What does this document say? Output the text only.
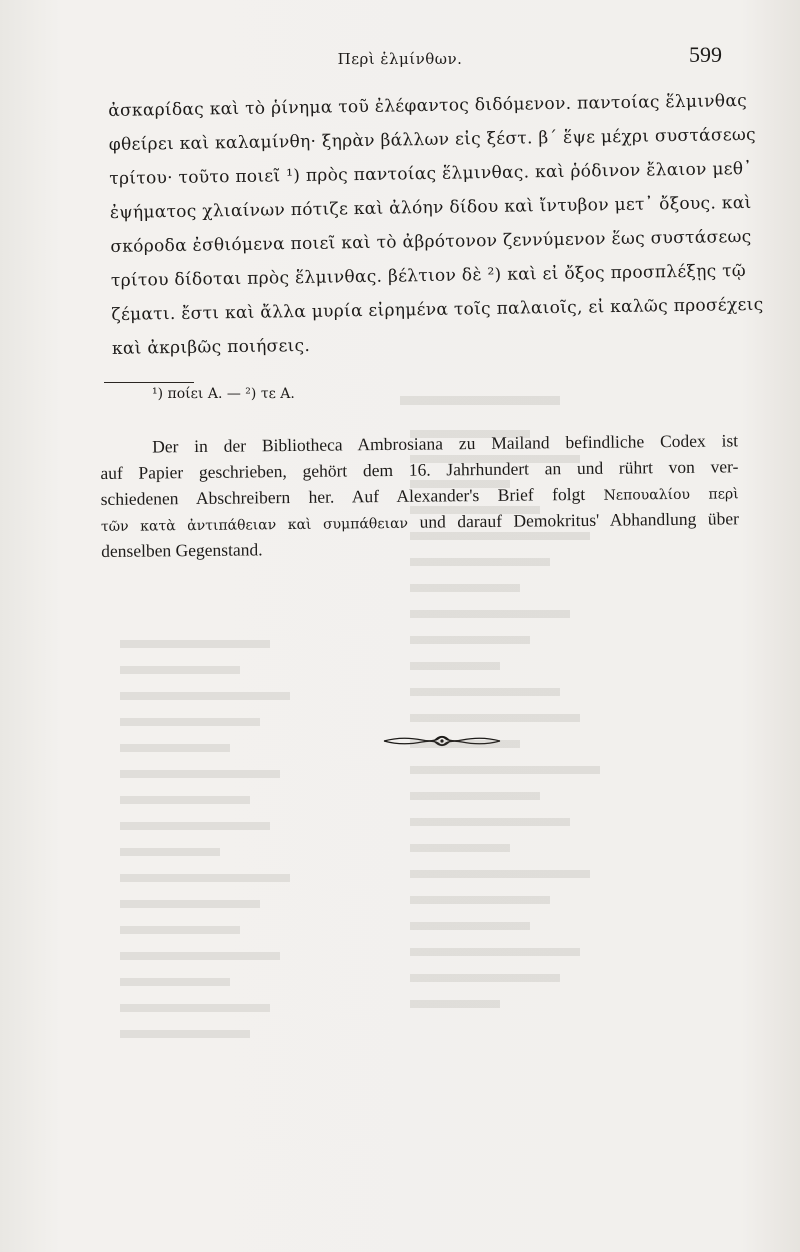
Περὶ ἑλμίνθων.	599
ἀσκαρίδας καὶ τὸ ῥίνημα τοῦ ἐλέφαντος διδόμενον. παντοίας ἕλμινθας
φθείρει καὶ καλαμίνθη· ξηρὰν βάλλων εἰς ξέστ. β΄ ἕψε μέχρι συστάσεως
τρίτου· τοῦτο ποιεῖ ¹) πρὸς παντοίας ἕλμινθας. καὶ ῥόδινον ἔλαιον μεθ᾽
ἐψήματος χλιαίνων πότιζε καὶ ἀλόην δίδου καὶ ἴντυβον μετ᾽ ὄξους. καὶ
σκόροδα ἐσθιόμενα ποιεῖ καὶ τὸ ἀβρότονον ζεννύμενον ἕως συστάσεως
τρίτου δίδοται πρὸς ἕλμινθας. βέλτιον δὲ ²) καὶ εἰ ὄξος προσπλέξῃς τῷ
ζέματι. ἔστι καὶ ἄλλα μυρία εἰρημένα τοῖς παλαιοῖς, εἰ καλῶς προσέχεις
καὶ ἀκριβῶς ποιήσεις.
¹) ποίει A. — ²) τε A.
Der in der Bibliotheca Ambrosiana zu Mailand befindliche Codex ist
auf Papier geschrieben, gehört dem 16. Jahrhundert an und rührt von ver-
schiedenen Abschreibern her. Auf Alexander's Brief folgt Νεπουαλίου περὶ
τῶν κατὰ ἀντιπάθειαν καὶ συμπάθειαν und darauf Demokritus' Abhandlung über
denselben Gegenstand.
